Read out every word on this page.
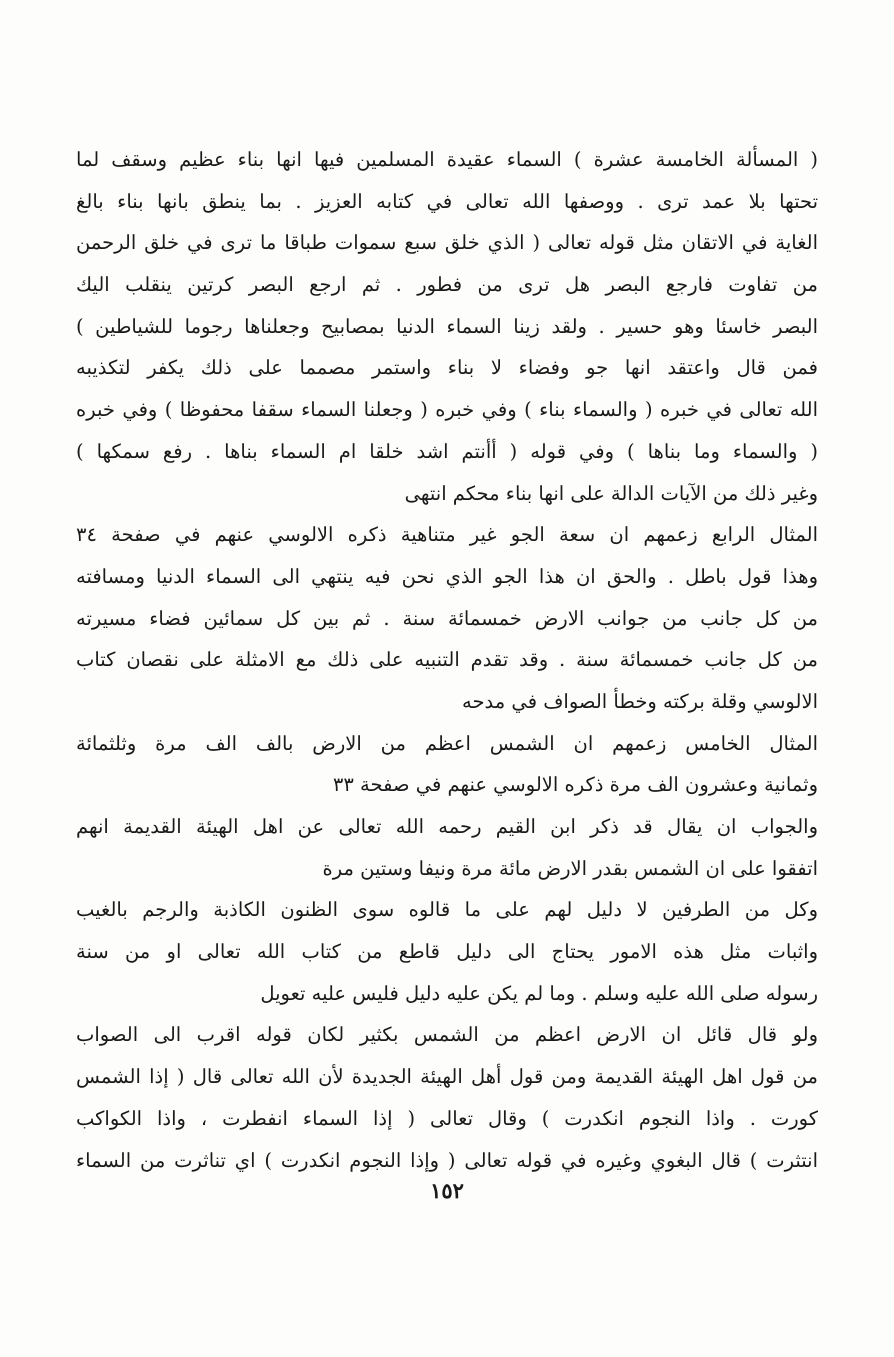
( المسألة الخامسة عشرة ) السماء عقيدة المسلمين فيها انها بناء عظيم وسقف لما
تحتها بلا عمد ترى . ووصفها الله تعالى في كتابه العزيز . بما ينطق بانها بناء بالغ
الغاية في الاتقان مثل قوله تعالى ( الذي خلق سبع سموات طباقا ما ترى في خلق الرحمن
من تفاوت فارجع البصر هل ترى من فطور . ثم ارجع البصر كرتين ينقلب اليك
البصر خاسئا وهو حسير . ولقد زينا السماء الدنيا بمصابيح وجعلناها رجوما للشياطين )
فمن قال واعتقد انها جو وفضاء لا بناء واستمر مصمما على ذلك يكفر لتكذيبه
الله تعالى في خبره ( والسماء بناء ) وفي خبره ( وجعلنا السماء سقفا محفوظا ) وفي خبره
( والسماء وما بناها ) وفي قوله ( أأنتم اشد خلقا ام السماء بناها . رفع سمكها )
وغير ذلك من الآيات الدالة على انها بناء محكم انتهى
المثال الرابع زعمهم ان سعة الجو غير متناهية ذكره الالوسي عنهم في صفحة ٣٤
وهذا قول باطل . والحق ان هذا الجو الذي نحن فيه ينتهي الى السماء الدنيا ومسافته
من كل جانب من جوانب الارض خمسمائة سنة . ثم بين كل سمائين فضاء مسيرته
من كل جانب خمسمائة سنة . وقد تقدم التنبيه على ذلك مع الامثلة على نقصان كتاب
الالوسي وقلة بركته وخطأ الصواف في مدحه
المثال الخامس زعمهم ان الشمس اعظم من الارض بالف الف مرة وثلثمائة
وثمانية وعشرون الف مرة ذكره الالوسي عنهم في صفحة ٣٣
والجواب ان يقال قد ذكر ابن القيم رحمه الله تعالى عن اهل الهيئة القديمة انهم
اتفقوا على ان الشمس بقدر الارض مائة مرة ونيفا وستين مرة
وكل من الطرفين لا دليل لهم على ما قالوه سوى الظنون الكاذبة والرجم بالغيب
واثبات مثل هذه الامور يحتاج الى دليل قاطع من كتاب الله تعالى او من سنة
رسوله صلى الله عليه وسلم . وما لم يكن عليه دليل فليس عليه تعويل
ولو قال قائل ان الارض اعظم من الشمس بكثير لكان قوله اقرب الى الصواب
من قول اهل الهيئة القديمة ومن قول أهل الهيئة الجديدة لأن الله تعالى قال ( إذا الشمس
كورت . واذا النجوم انكدرت ) وقال تعالى ( إذا السماء انفطرت ، واذا الكواكب
انتثرت ) قال البغوي وغيره في قوله تعالى ( وإذا النجوم انكدرت ) اي تناثرت من السماء
١٥٢
